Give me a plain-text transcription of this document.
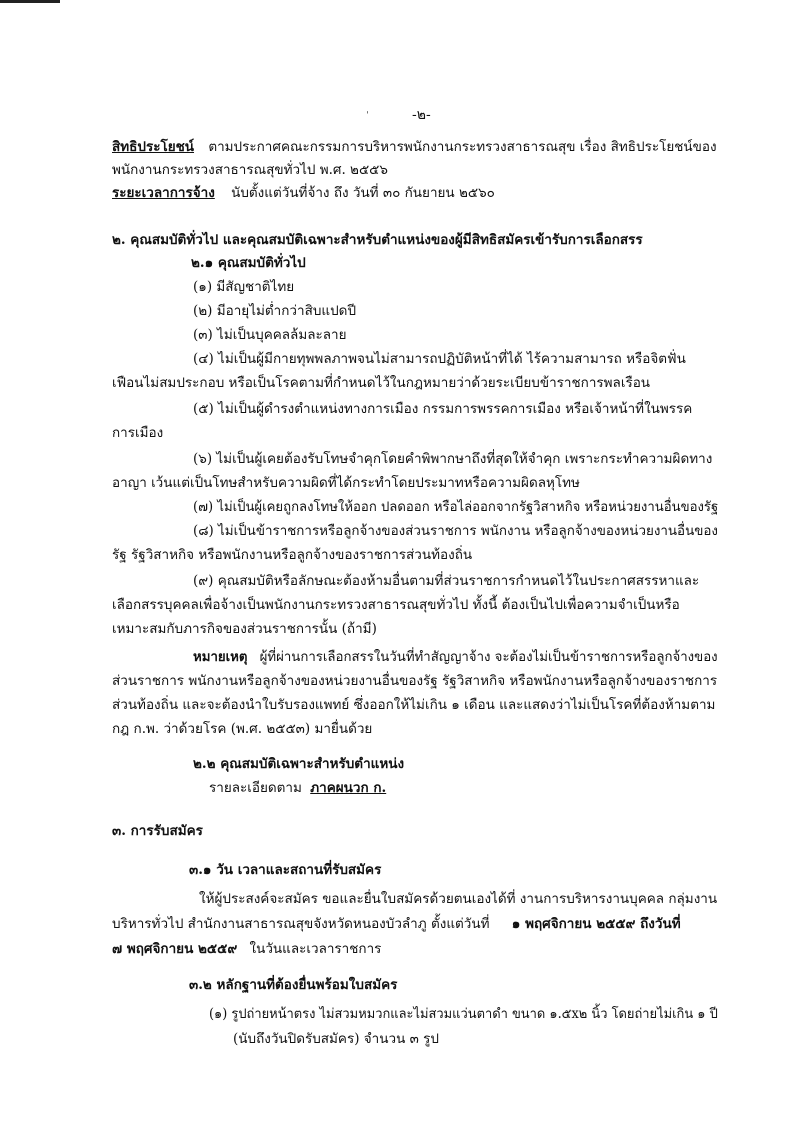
ˌ	-๒-
สิทธิประโยชน์ ตามประกาศคณะกรรมการบริหารพนักงานกระทรวงสาธารณสุข เรื่อง สิทธิประโยชน์ของ
พนักงานกระทรวงสาธารณสุขทั่วไป พ.ศ. ๒๕๕๖
ระยะเวลาการจ้าง นับตั้งแต่วันที่จ้าง ถึง วันที่ ๓๐ กันยายน ๒๕๖๐
๒. คุณสมบัติทั่วไป และคุณสมบัติเฉพาะสำหรับตำแหน่งของผู้มีสิทธิสมัครเข้ารับการเลือกสรร
๒.๑ คุณสมบัติทั่วไป
(๑) มีสัญชาติไทย
(๒) มีอายุไม่ต่ำกว่าสิบแปดปี
(๓) ไม่เป็นบุคคลล้มละลาย
(๔) ไม่เป็นผู้มีกายทุพพลภาพจนไม่สามารถปฏิบัติหน้าที่ได้ ไร้ความสามารถ หรือจิตฟั่น
เฟือนไม่สมประกอบ หรือเป็นโรคตามที่กำหนดไว้ในกฎหมายว่าด้วยระเบียบข้าราชการพลเรือน
(๕) ไม่เป็นผู้ดำรงตำแหน่งทางการเมือง กรรมการพรรคการเมือง หรือเจ้าหน้าที่ในพรรค
การเมือง
(๖) ไม่เป็นผู้เคยต้องรับโทษจำคุกโดยคำพิพากษาถึงที่สุดให้จำคุก เพราะกระทำความผิดทาง
อาญา เว้นแต่เป็นโทษสำหรับความผิดที่ได้กระทำโดยประมาทหรือความผิดลหุโทษ
(๗) ไม่เป็นผู้เคยถูกลงโทษให้ออก ปลดออก หรือไล่ออกจากรัฐวิสาหกิจ หรือหน่วยงานอื่นของรัฐ
(๘) ไม่เป็นข้าราชการหรือลูกจ้างของส่วนราชการ พนักงาน หรือลูกจ้างของหน่วยงานอื่นของ
รัฐ รัฐวิสาหกิจ หรือพนักงานหรือลูกจ้างของราชการส่วนท้องถิ่น
(๙) คุณสมบัติหรือลักษณะต้องห้ามอื่นตามที่ส่วนราชการกำหนดไว้ในประกาศสรรหาและ
เลือกสรรบุคคลเพื่อจ้างเป็นพนักงานกระทรวงสาธารณสุขทั่วไป ทั้งนี้ ต้องเป็นไปเพื่อความจำเป็นหรือ
เหมาะสมกับภารกิจของส่วนราชการนั้น (ถ้ามี)
หมายเหตุ ผู้ที่ผ่านการเลือกสรรในวันที่ทำสัญญาจ้าง จะต้องไม่เป็นข้าราชการหรือลูกจ้างของ
ส่วนราชการ พนักงานหรือลูกจ้างของหน่วยงานอื่นของรัฐ รัฐวิสาหกิจ หรือพนักงานหรือลูกจ้างของราชการ
ส่วนท้องถิ่น และจะต้องนำใบรับรองแพทย์ ซึ่งออกให้ไม่เกิน ๑ เดือน และแสดงว่าไม่เป็นโรคที่ต้องห้ามตาม
กฎ ก.พ. ว่าด้วยโรค (พ.ศ. ๒๕๕๓) มายื่นด้วย
๒.๒ คุณสมบัติเฉพาะสำหรับตำแหน่ง
รายละเอียดตาม ภาคผนวก ก.
๓. การรับสมัคร
๓.๑ วัน เวลาและสถานที่รับสมัคร
ให้ผู้ประสงค์จะสมัคร ขอและยื่นใบสมัครด้วยตนเองได้ที่ งานการบริหารงานบุคคล กลุ่มงาน
บริหารทั่วไป สำนักงานสาธารณสุขจังหวัดหนองบัวลำภู ตั้งแต่วันที่ ๑ พฤศจิกายน ๒๕๕๙ ถึงวันที่
๗ พฤศจิกายน ๒๕๕๙ ในวันและเวลาราชการ
๓.๒ หลักฐานที่ต้องยื่นพร้อมใบสมัคร
(๑) รูปถ่ายหน้าตรง ไม่สวมหมวกและไม่สวมแว่นตาดำ ขนาด ๑.๕x๒ นิ้ว โดยถ่ายไม่เกิน ๑ ปี
(นับถึงวันปิดรับสมัคร) จำนวน ๓ รูป
